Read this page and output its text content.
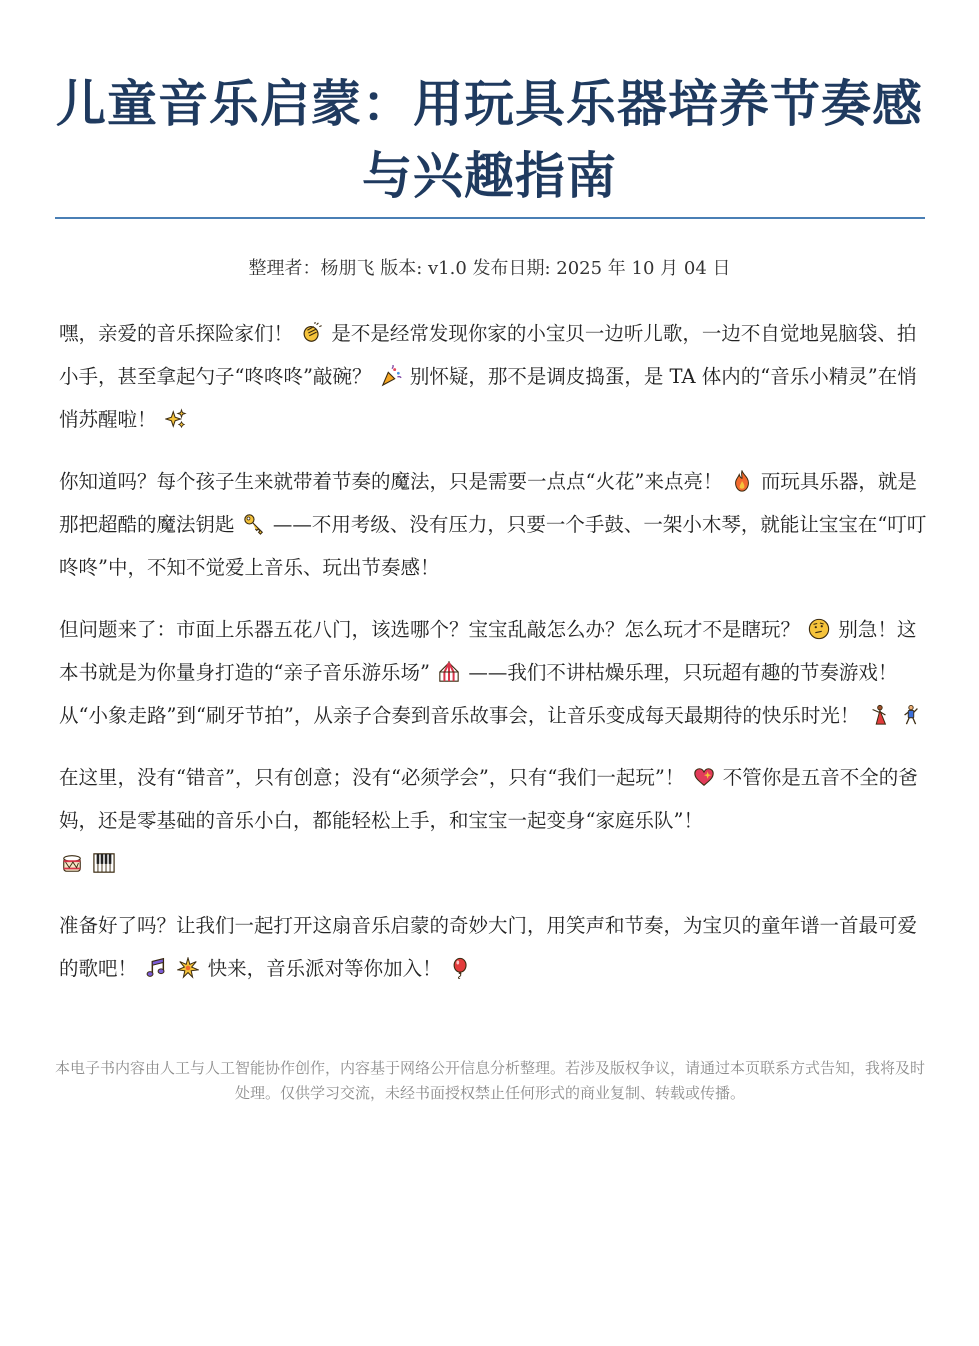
儿童音乐启蒙：用玩具乐器培养节奏感与兴趣指南
整理者：杨朋飞 版本: v1.0 发布日期: 2025 年 10 月 04 日

嘿，亲爱的音乐探险家们！
是不是经常发现你家的小宝贝一边听儿歌，一边不自觉地晃脑袋、拍小手，甚至拿起勺子“咚咚咚”敲碗？
别怀疑，那不是调皮捣蛋，是 TA 体内的“音乐小精灵”在悄悄苏醒啦！

你知道吗？每个孩子生来就带着节奏的魔法，只是需要一点点“火花”来点亮！
而玩具乐器，就是那把超酷的魔法钥匙 ——不用考级、没有压力，只要一个手鼓、一架小木琴，就能让宝宝在“叮叮咚咚”中，不知不觉爱上音乐、玩出节奏感！

但问题来了：市面上乐器五花八门，该选哪个？宝宝乱敲怎么办？怎么玩才不是瞎玩？
别急！这本书就是为你量身打造的“亲子音乐游乐场” ——我们不讲枯燥乐理，只玩超有趣的节奏游戏！从“小象走路”到“刷牙节拍”，从亲子合奏到音乐故事会，让音乐变成每天最期待的快乐时光！

在这里，没有“错音”，只有创意；没有“必须学会”，只有“我们一起玩”！
不管你是五音不全的爸妈，还是零基础的音乐小白，都能轻松上手，和宝宝一起变身“家庭乐队”！

准备好了吗？让我们一起打开这扇音乐启蒙的奇妙大门，用笑声和节奏，为宝贝的童年谱一首最可爱的歌吧！
	快来，音乐派对等你加入！

本电子书内容由人工与人工智能协作创作，内容基于网络公开信息分析整理。若涉及版权争议，请通过本页联系方式告知，我将及时处理。仅供学习交流，未经书面授权禁止任何形式的商业复制、转载或传播。
